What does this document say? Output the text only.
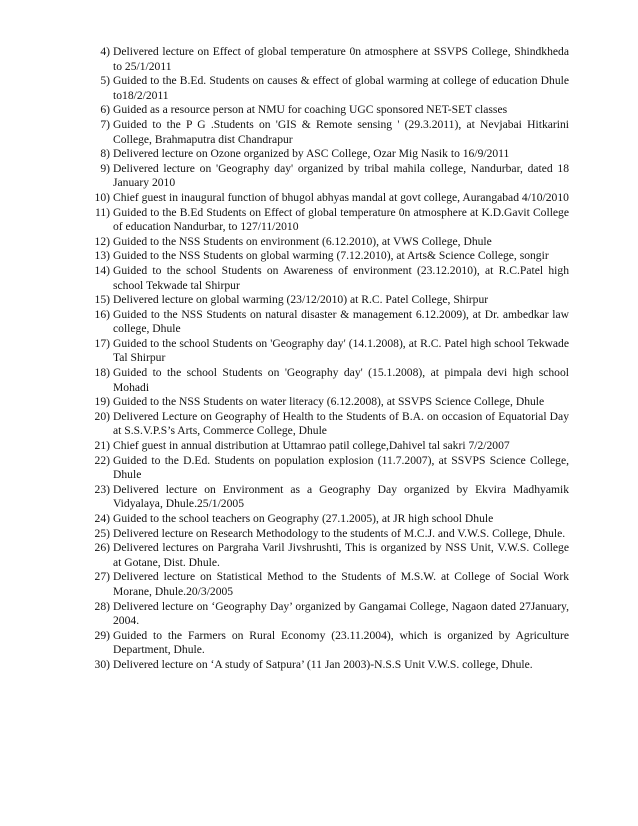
4) Delivered lecture on Effect of global temperature 0n atmosphere at SSVPS College, Shindkheda to 25/1/2011
5) Guided to the B.Ed. Students on causes & effect of global warming at college of education Dhule to18/2/2011
6) Guided as a resource person at NMU for coaching UGC sponsored NET-SET classes
7) Guided to the P G .Students on 'GIS & Remote sensing ' (29.3.2011), at Nevjabai Hitkarini College, Brahmaputra dist Chandrapur
8) Delivered lecture on Ozone organized by ASC College, Ozar Mig Nasik to 16/9/2011
9) Delivered lecture on 'Geography day' organized by tribal mahila college, Nandurbar, dated 18 January 2010
10) Chief guest in inaugural function of bhugol abhyas mandal at govt college, Aurangabad 4/10/2010
11) Guided to the B.Ed Students on Effect of global temperature 0n atmosphere at K.D.Gavit College of education Nandurbar, to 127/11/2010
12) Guided to the NSS Students on environment (6.12.2010), at VWS College, Dhule
13) Guided to the NSS Students on global warming (7.12.2010), at Arts& Science College, songir
14) Guided to the school Students on Awareness of environment (23.12.2010), at R.C.Patel high school Tekwade tal Shirpur
15) Delivered lecture on global warming (23/12/2010) at R.C. Patel College, Shirpur
16) Guided to the NSS Students on natural disaster & management 6.12.2009), at Dr. ambedkar law college, Dhule
17) Guided to the school Students on 'Geography day' (14.1.2008), at R.C. Patel high school Tekwade Tal Shirpur
18) Guided to the school Students on 'Geography day' (15.1.2008), at pimpala devi high school Mohadi
19) Guided to the NSS Students on water literacy (6.12.2008), at SSVPS Science College, Dhule
20) Delivered Lecture on Geography of Health to the Students of B.A. on occasion of Equatorial Day at S.S.V.P.S’s Arts, Commerce College, Dhule
21) Chief guest in annual distribution at Uttamrao patil college,Dahivel tal sakri 7/2/2007
22) Guided to the D.Ed. Students on population explosion (11.7.2007), at SSVPS Science College, Dhule
23) Delivered lecture on Environment as a Geography Day organized by Ekvira Madhyamik Vidyalaya, Dhule.25/1/2005
24) Guided to the school teachers on Geography (27.1.2005), at JR high school Dhule
25) Delivered lecture on Research Methodology to the students of M.C.J. and V.W.S. College, Dhule.
26) Delivered lectures on Pargraha Varil Jivshrushti, This is organized by NSS Unit, V.W.S. College at Gotane, Dist. Dhule.
27) Delivered lecture on Statistical Method to the Students of M.S.W. at College of Social Work Morane, Dhule.20/3/2005
28) Delivered lecture on ‘Geography Day’ organized by Gangamai College, Nagaon dated 27January, 2004.
29) Guided to the Farmers on Rural Economy (23.11.2004), which is organized by Agriculture Department, Dhule.
30) Delivered lecture on ‘A study of Satpura’ (11 Jan 2003)-N.S.S Unit V.W.S. college, Dhule.
